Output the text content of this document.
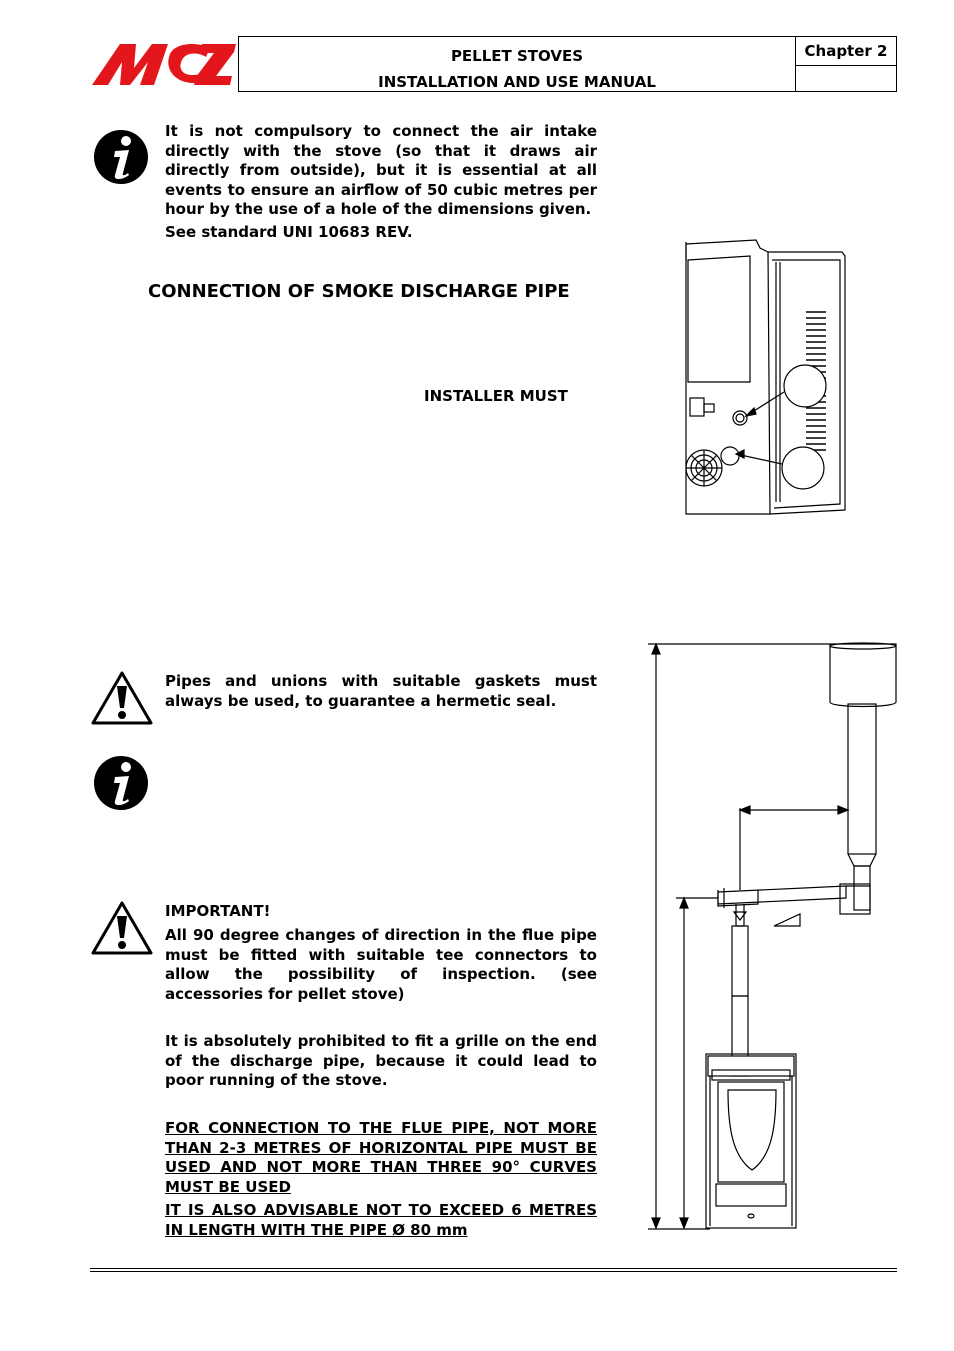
PELLET STOVES
INSTALLATION AND USE MANUAL
Chapter 2
It is not compulsory to connect the air intake directly with the stove (so that it draws air directly from outside), but it is essential at all events to ensure an airflow of 50 cubic metres per hour by the use of a hole of the dimensions given.
See standard UNI 10683 REV.
CONNECTION OF SMOKE DISCHARGE PIPE
INSTALLER MUST
Pipes and unions with suitable gaskets must always be used, to guarantee a hermetic seal.
IMPORTANT!
All 90 degree changes of direction in the flue pipe must be fitted with suitable tee connectors to allow the possibility of inspection. (see accessories for pellet stove)
It is absolutely prohibited to fit a grille on the end of the discharge pipe, because it could lead to poor running of the stove.
FOR CONNECTION TO THE FLUE PIPE, NOT MORE THAN 2-3 METRES OF HORIZONTAL PIPE MUST BE USED AND NOT MORE THAN THREE 90° CURVES MUST BE USED
IT IS ALSO ADVISABLE NOT TO EXCEED 6 METRES IN LENGTH WITH THE PIPE Ø 80 mm
